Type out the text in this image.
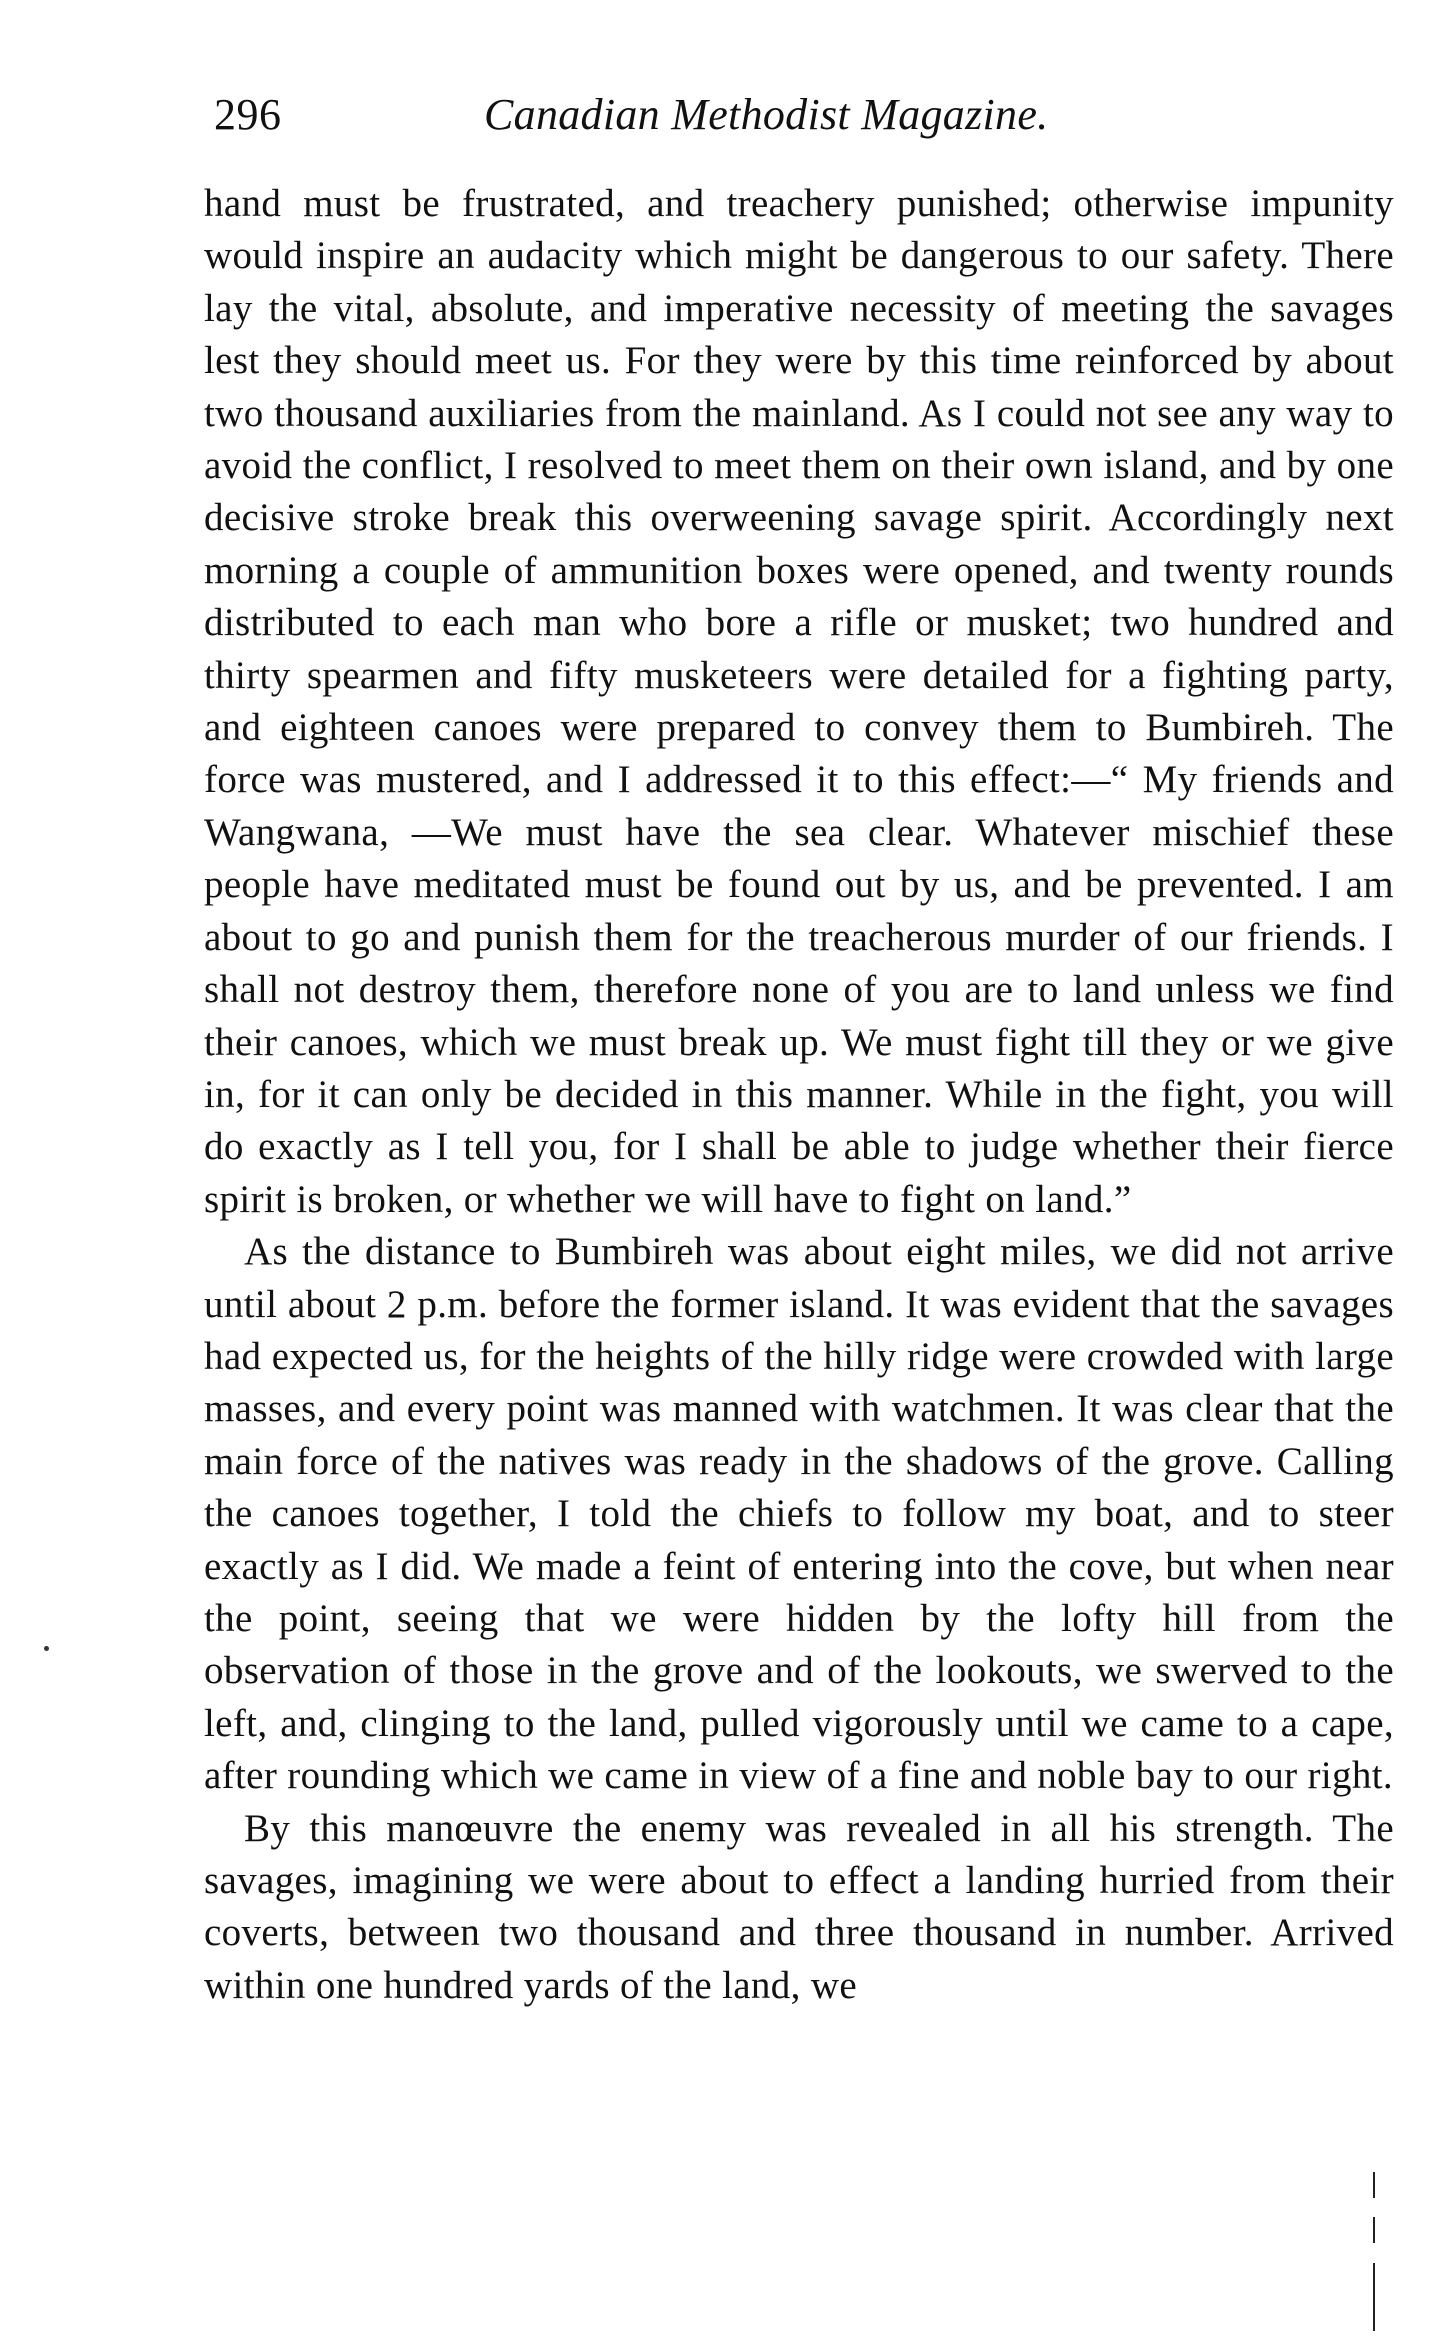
296	Canadian Methodist Magazine.

hand must be frustrated, and treachery punished; otherwise impunity would inspire an audacity which might be dangerous to our safety. There lay the vital, absolute, and imperative necessity of meeting the savages lest they should meet us. For they were by this time reinforced by about two thousand auxiliaries from the mainland. As I could not see any way to avoid the conflict, I resolved to meet them on their own island, and by one decisive stroke break this overweening savage spirit. Accordingly next morning a couple of ammunition boxes were opened, and twenty rounds distributed to each man who bore a rifle or musket; two hundred and thirty spearmen and fifty musketeers were detailed for a fighting party, and eighteen canoes were prepared to convey them to Bumbireh. The force was mustered, and I addressed it to this effect:—“ My friends and Wangwana, —We must have the sea clear. Whatever mischief these people have meditated must be found out by us, and be prevented. I am about to go and punish them for the treacherous murder of our friends. I shall not destroy them, therefore none of you are to land unless we find their canoes, which we must break up. We must fight till they or we give in, for it can only be decided in this manner. While in the fight, you will do exactly as I tell you, for I shall be able to judge whether their fierce spirit is broken, or whether we will have to fight on land.”

As the distance to Bumbireh was about eight miles, we did not arrive until about 2 p.m. before the former island. It was evident that the savages had expected us, for the heights of the hilly ridge were crowded with large masses, and every point was manned with watchmen. It was clear that the main force of the natives was ready in the shadows of the grove. Calling the canoes together, I told the chiefs to follow my boat, and to steer exactly as I did. We made a feint of entering into the cove, but when near the point, seeing that we were hidden by the lofty hill from the observation of those in the grove and of the lookouts, we swerved to the left, and, clinging to the land, pulled vigorously until we came to a cape, after rounding which we came in view of a fine and noble bay to our right.

By this manœuvre the enemy was revealed in all his strength. The savages, imagining we were about to effect a landing hurried from their coverts, between two thousand and three thousand in number. Arrived within one hundred yards of the land, we
